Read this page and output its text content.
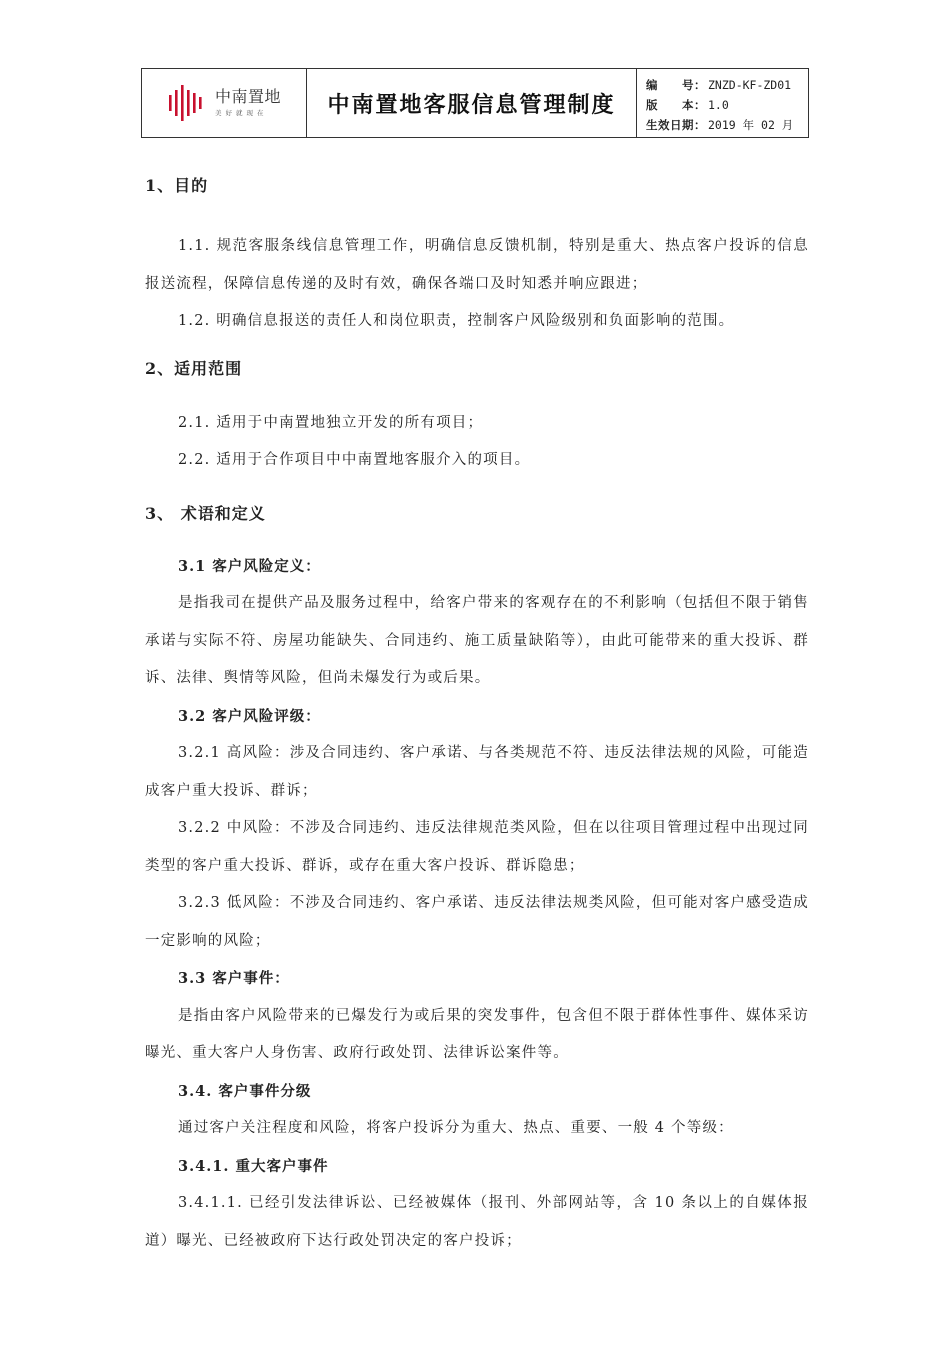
中南置地
美好就现在	中南置地客服信息管理制度
编　　号： ZNZD-KF-ZD01
版　　本： 1.0
生效日期： 2019 年 02 月

1、目的

1.1. 规范客服条线信息管理工作，明确信息反馈机制，特别是重大、热点客户投诉的信息报送流程，保障信息传递的及时有效，确保各端口及时知悉并响应跟进；

1.2. 明确信息报送的责任人和岗位职责，控制客户风险级别和负面影响的范围。

2、适用范围

2.1. 适用于中南置地独立开发的所有项目；

2.2. 适用于合作项目中中南置地客服介入的项目。

3、 术语和定义

3.1 客户风险定义：

是指我司在提供产品及服务过程中，给客户带来的客观存在的不利影响（包括但不限于销售承诺与实际不符、房屋功能缺失、合同违约、施工质量缺陷等），由此可能带来的重大投诉、群诉、法律、舆情等风险，但尚未爆发行为或后果。

3.2 客户风险评级：

3.2.1 高风险：涉及合同违约、客户承诺、与各类规范不符、违反法律法规的风险，可能造成客户重大投诉、群诉；

3.2.2 中风险：不涉及合同违约、违反法律规范类风险，但在以往项目管理过程中出现过同类型的客户重大投诉、群诉，或存在重大客户投诉、群诉隐患；

3.2.3 低风险：不涉及合同违约、客户承诺、违反法律法规类风险，但可能对客户感受造成一定影响的风险；

3.3 客户事件：

是指由客户风险带来的已爆发行为或后果的突发事件，包含但不限于群体性事件、媒体采访曝光、重大客户人身伤害、政府行政处罚、法律诉讼案件等。

3.4. 客户事件分级

通过客户关注程度和风险，将客户投诉分为重大、热点、重要、一般 4 个等级：

3.4.1. 重大客户事件

3.4.1.1. 已经引发法律诉讼、已经被媒体（报刊、外部网站等，含 10 条以上的自媒体报道）曝光、已经被政府下达行政处罚决定的客户投诉；
